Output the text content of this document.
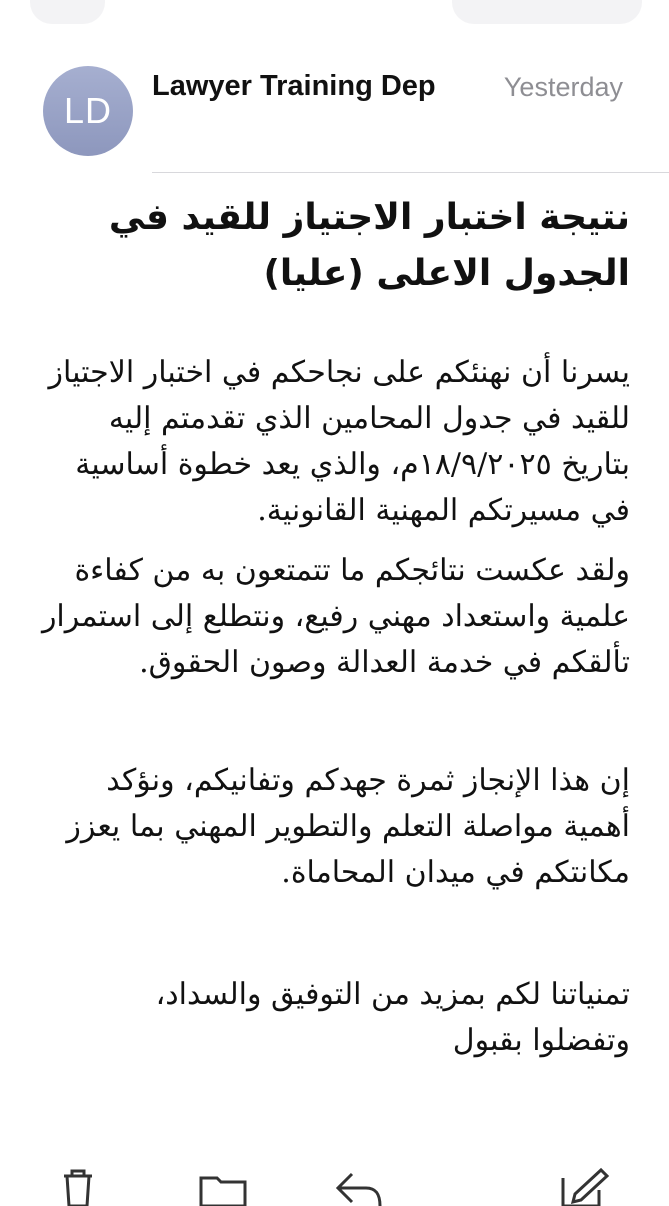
LD
Lawyer Training Dep	Yesterday
نتيجة اختبار الاجتياز للقيد في الجدول الاعلى (عليا)

يسرنا أن نهنئكم على نجاحكم في اختبار الاجتياز للقيد في جدول المحامين الذي تقدمتم إليه بتاريخ ١٨/٩/٢٠٢٥م، والذي يعد خطوة أساسية في مسيرتكم المهنية القانونية.

ولقد عكست نتائجكم ما تتمتعون به من كفاءة علمية واستعداد مهني رفيع، ونتطلع إلى استمرار تألقكم في خدمة العدالة وصون الحقوق.

إن هذا الإنجاز ثمرة جهدكم وتفانيكم، ونؤكد أهمية مواصلة التعلم والتطوير المهني بما يعزز مكانتكم في ميدان المحاماة.

تمنياتنا لكم بمزيد من التوفيق والسداد،

وتفضلوا بقبول
